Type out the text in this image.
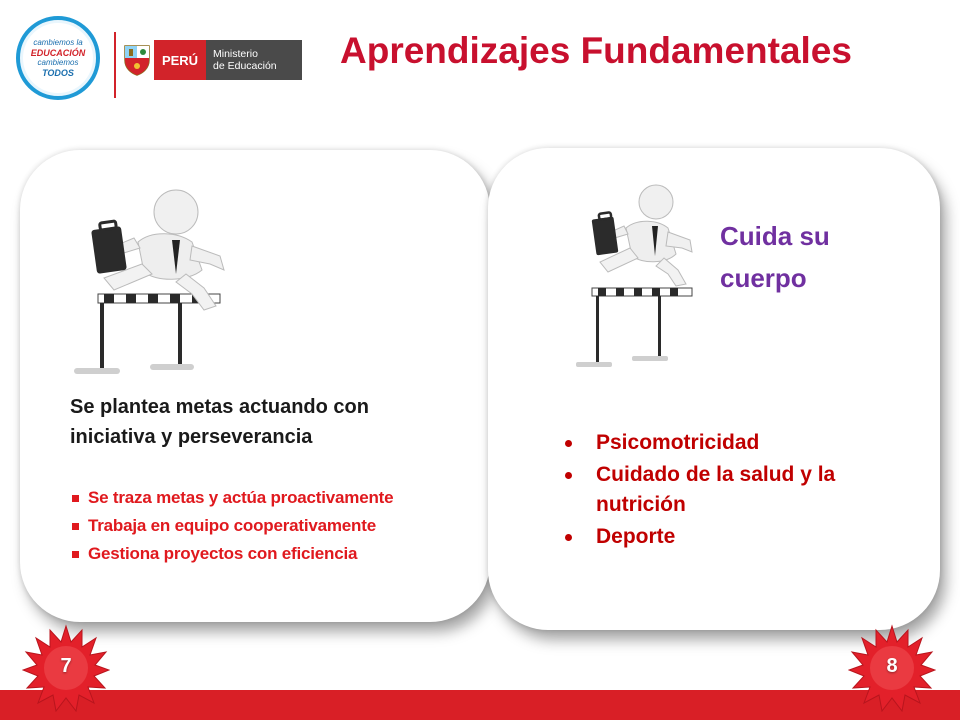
cambiemos la
EDUCACIÓN
cambiemos
TODOS
PERÚ Ministerio
de Educación	Aprendizajes Fundamentales
Se plantea metas actuando con
iniciativa y perseverancia
Se traza metas y actúa proactivamente
Trabaja en equipo cooperativamente
Gestiona proyectos con eficiencia
Cuida su
cuerpo
Psicomotricidad
Cuidado de la salud y la nutrición
Deporte
7	8
